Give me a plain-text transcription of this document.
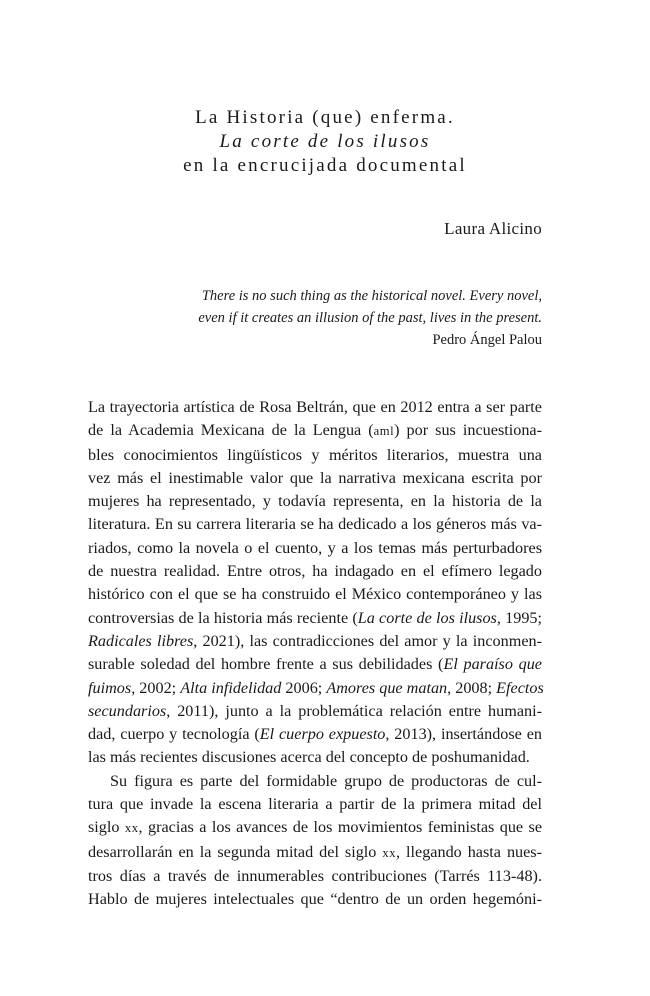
La Historia (que) enferma.
La corte de los ilusos
en la encrucijada documental
Laura Alicino
There is no such thing as the historical novel. Every novel,
even if it creates an illusion of the past, lives in the present.
Pedro Ángel Palou

La trayectoria artística de Rosa Beltrán, que en 2012 entra a ser parte
de la Academia Mexicana de la Lengua (aml) por sus incuestiona-
bles conocimientos lingüísticos y méritos literarios, muestra una
vez más el inestimable valor que la narrativa mexicana escrita por
mujeres ha representado, y todavía representa, en la historia de la
literatura. En su carrera literaria se ha dedicado a los géneros más va-
riados, como la novela o el cuento, y a los temas más perturbadores
de nuestra realidad. Entre otros, ha indagado en el efímero legado
histórico con el que se ha construido el México contemporáneo y las
controversias de la historia más reciente (La corte de los ilusos, 1995;
Radicales libres, 2021), las contradicciones del amor y la inconmen-
surable soledad del hombre frente a sus debilidades (El paraíso que
fuimos, 2002; Alta infidelidad 2006; Amores que matan, 2008; Efectos
secundarios, 2011), junto a la problemática relación entre humani-
dad, cuerpo y tecnología (El cuerpo expuesto, 2013), insertándose en
las más recientes discusiones acerca del concepto de poshumanidad.

Su figura es parte del formidable grupo de productoras de cul-
tura que invade la escena literaria a partir de la primera mitad del
siglo xx, gracias a los avances de los movimientos feministas que se
desarrollarán en la segunda mitad del siglo xx, llegando hasta nues-
tros días a través de innumerables contribuciones (Tarrés 113-48).
Hablo de mujeres intelectuales que “dentro de un orden hegemóni-
